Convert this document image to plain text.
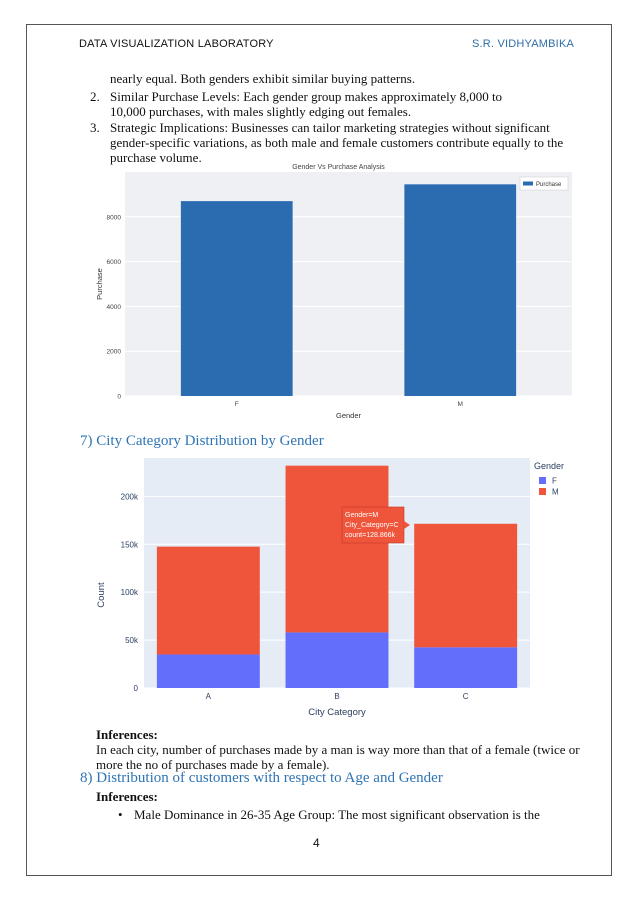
DATA VISUALIZATION LABORATORY	S.R. VIDHYAMBIKA
nearly equal. Both genders exhibit similar buying patterns.
2. Similar Purchase Levels: Each gender group makes approximately 8,000 to
10,000 purchases, with males slightly edging out females.
3. Strategic Implications: Businesses can tailor marketing strategies without significant
gender-specific variations, as both male and female customers contribute equally to the
purchase volume.
Gender Vs Purchase Analysis
0
2000
4000
6000
8000
F	M
Gender
Purchase
Purchase
7) City Category Distribution by Gender
0
50k
100k
150k
200k
A	B	C
City Category
Count
Gender
F
M
Gender=M
City_Category=C
count=128.866k
Inferences:
In each city, number of purchases made by a man is way more than that of a female (twice or
more the no of purchases made by a female).
8) Distribution of customers with respect to Age and Gender
Inferences:
• Male Dominance in 26-35 Age Group: The most significant observation is the
4
